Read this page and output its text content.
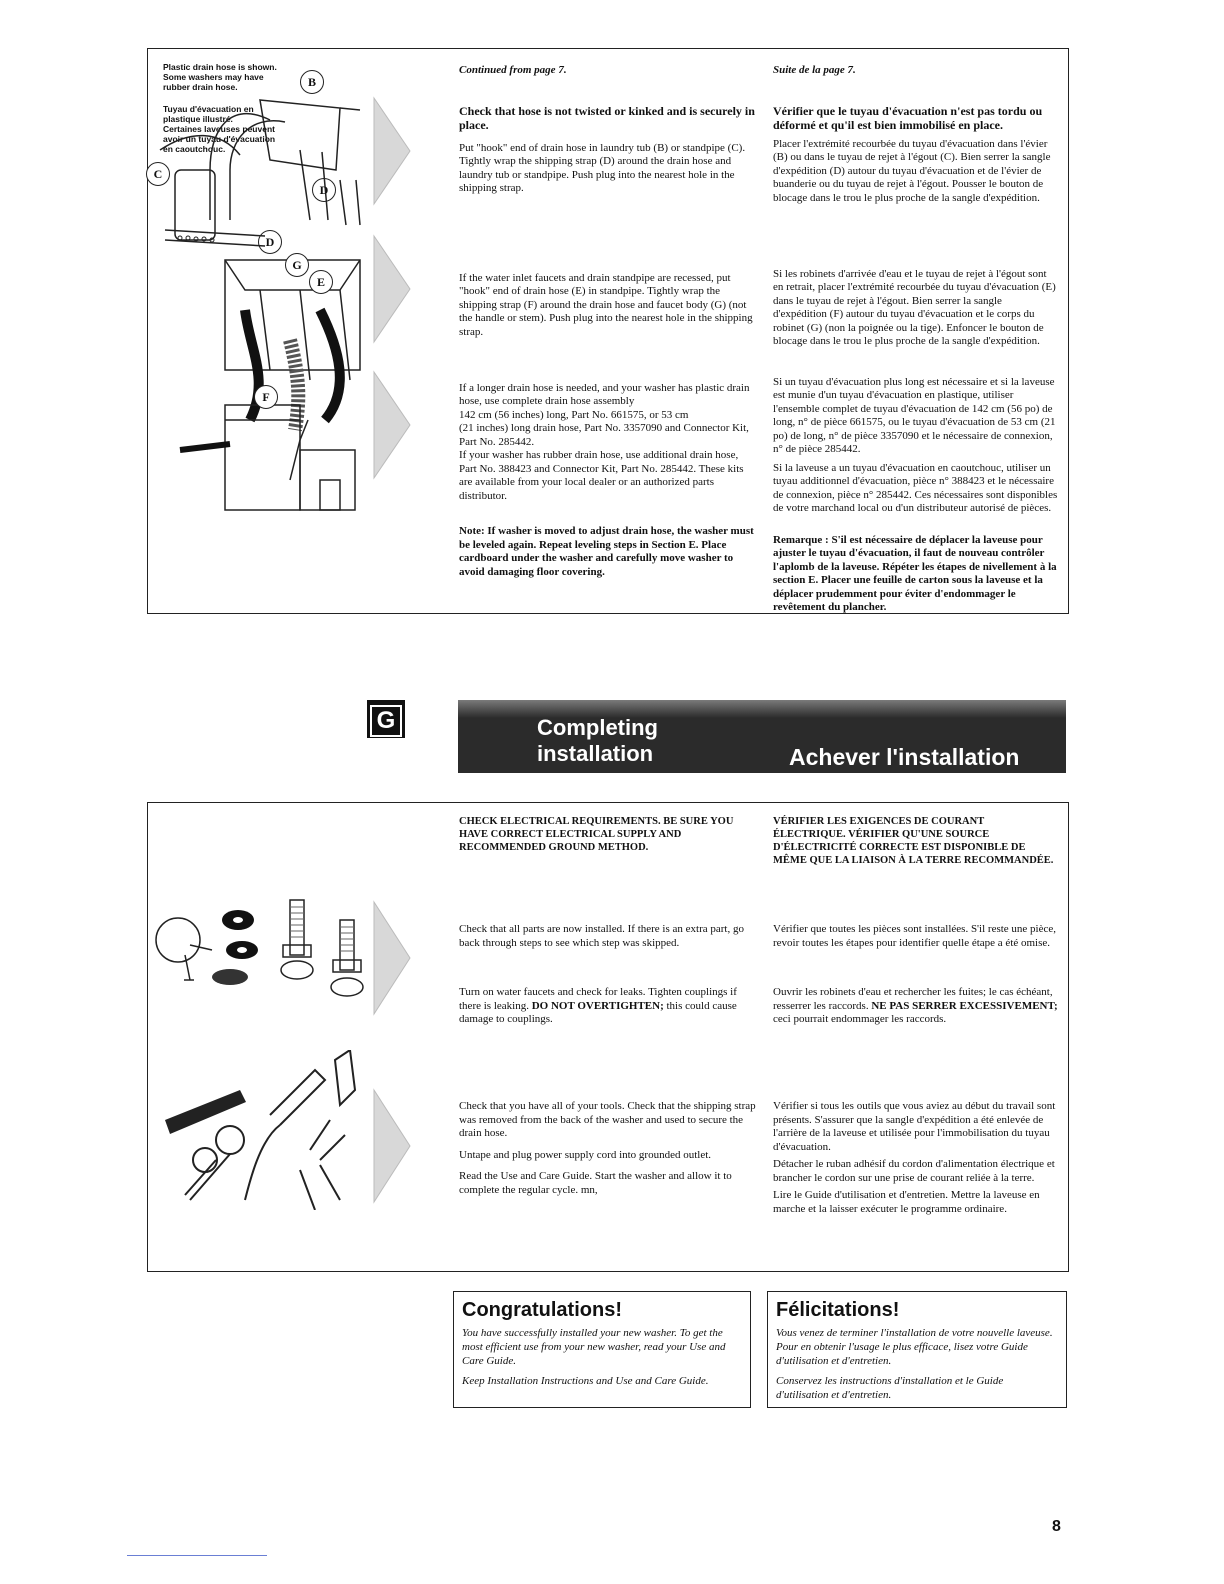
Plastic drain hose is shown.
Some washers may have
rubber drain hose.
Tuyau d'évacuation en
plastique illustré.
Certaines laveuses peuvent
avoir un tuyau d'évacuation
en caoutchouc.
B
C
D
D
G
E
F

Continued from page 7.

Check that hose is not twisted or kinked and is securely in place.

Put "hook" end of drain hose in laundry tub (B) or standpipe (C). Tightly wrap the shipping strap (D) around the drain hose and laundry tub or standpipe. Push plug into the nearest hole in the shipping strap.

If the water inlet faucets and drain standpipe are recessed, put "hook" end of drain hose (E) in standpipe. Tightly wrap the shipping strap (F) around the drain hose and faucet body (G) (not the handle or stem). Push plug into the nearest hole in the shipping strap.

If a longer drain hose is needed, and your washer has plastic drain hose, use complete drain hose assembly

142 cm (56 inches) long, Part No. 661575, or 53 cm

(21 inches) long drain hose, Part No. 3357090 and Connector Kit, Part No. 285442.

If your washer has rubber drain hose, use additional drain hose, Part No. 388423 and Connector Kit, Part No. 285442. These kits are available from your local dealer or an authorized parts distributor.

Note: If washer is moved to adjust drain hose, the washer must be leveled again. Repeat leveling steps in Section E. Place cardboard under the washer and carefully move washer to avoid damaging floor covering.

Suite de la page 7.

Vérifier que le tuyau d'évacuation n'est pas tordu ou déformé et qu'il est bien immobilisé en place.

Placer l'extrémité recourbée du tuyau d'évacuation dans l'évier (B) ou dans le tuyau de rejet à l'égout (C). Bien serrer la sangle d'expédition (D) autour du tuyau d'évacuation et de l'évier de buanderie ou du tuyau de rejet à l'égout. Pousser le bouton de blocage dans le trou le plus proche de la sangle d'expédition.

Si les robinets d'arrivée d'eau et le tuyau de rejet à l'égout sont en retrait, placer l'extrémité recourbée du tuyau d'évacuation (E) dans le tuyau de rejet à l'égout. Bien serrer la sangle d'expédition (F) autour du tuyau d'évacuation et le corps du robinet (G) (non la poignée ou la tige). Enfoncer le bouton de blocage dans le trou le plus proche de la sangle d'expédition.

Si un tuyau d'évacuation plus long est nécessaire et si la laveuse est munie d'un tuyau d'évacuation en plastique, utiliser l'ensemble complet de tuyau d'évacuation de 142 cm (56 po) de long, n° de pièce 661575, ou le tuyau d'évacuation de 53 cm (21 po) de long, n° de pièce 3357090 et le nécessaire de connexion, n° de pièce 285442.

Si la laveuse a un tuyau d'évacuation en caoutchouc, utiliser un tuyau additionnel d'évacuation, pièce n° 388423 et le nécessaire de connexion, pièce n° 285442. Ces nécessaires sont disponibles de votre marchand local ou d'un distributeur autorisé de pièces.

Remarque : S'il est nécessaire de déplacer la laveuse pour ajuster le tuyau d'évacuation, il faut de nouveau contrôler l'aplomb de la laveuse. Répéter les étapes de nivellement à la section E. Placer une feuille de carton sous la laveuse et la déplacer prudemment pour éviter d'endommager le revêtement du plancher.

G	Completing
installation	Achever l'installation

CHECK ELECTRICAL REQUIREMENTS. BE SURE YOU HAVE CORRECT ELECTRICAL SUPPLY AND RECOMMENDED GROUND METHOD.

Check that all parts are now installed. If there is an extra part, go back through steps to see which step was skipped.

Turn on water faucets and check for leaks. Tighten couplings if there is leaking. DO NOT OVERTIGHTEN; this could cause damage to couplings.

Check that you have all of your tools. Check that the shipping strap was removed from the back of the washer and used to secure the drain hose.

Untape and plug power supply cord into grounded outlet.

Read the Use and Care Guide. Start the washer and allow it to complete the regular cycle. mn,

VÉRIFIER LES EXIGENCES DE COURANT ÉLECTRIQUE. VÉRIFIER QU'UNE SOURCE D'ÉLECTRICITÉ CORRECTE EST DISPONIBLE DE MÊME QUE LA LIAISON À LA TERRE RECOMMANDÉE.

Vérifier que toutes les pièces sont installées. S'il reste une pièce, revoir toutes les étapes pour identifier quelle étape a été omise.

Ouvrir les robinets d'eau et rechercher les fuites; le cas échéant, resserrer les raccords. NE PAS SERRER EXCESSIVEMENT; ceci pourrait endommager les raccords.

Vérifier si tous les outils que vous aviez au début du travail sont présents. S'assurer que la sangle d'expédition a été enlevée de l'arrière de la laveuse et utilisée pour l'immobilisation du tuyau d'évacuation.

Détacher le ruban adhésif du cordon d'alimentation électrique et brancher le cordon sur une prise de courant reliée à la terre.

Lire le Guide d'utilisation et d'entretien. Mettre la laveuse en marche et la laisser exécuter le programme ordinaire.

Congratulations!

You have successfully installed your new washer. To get the most efficient use from your new washer, read your Use and Care Guide.

Keep Installation Instructions and Use and Care Guide.

Félicitations!

Vous venez de terminer l'installation de votre nouvelle laveuse. Pour en obtenir l'usage le plus efficace, lisez votre Guide d'utilisation et d'entretien.

Conservez les instructions d'installation et le Guide d'utilisation et d'entretien.

8
